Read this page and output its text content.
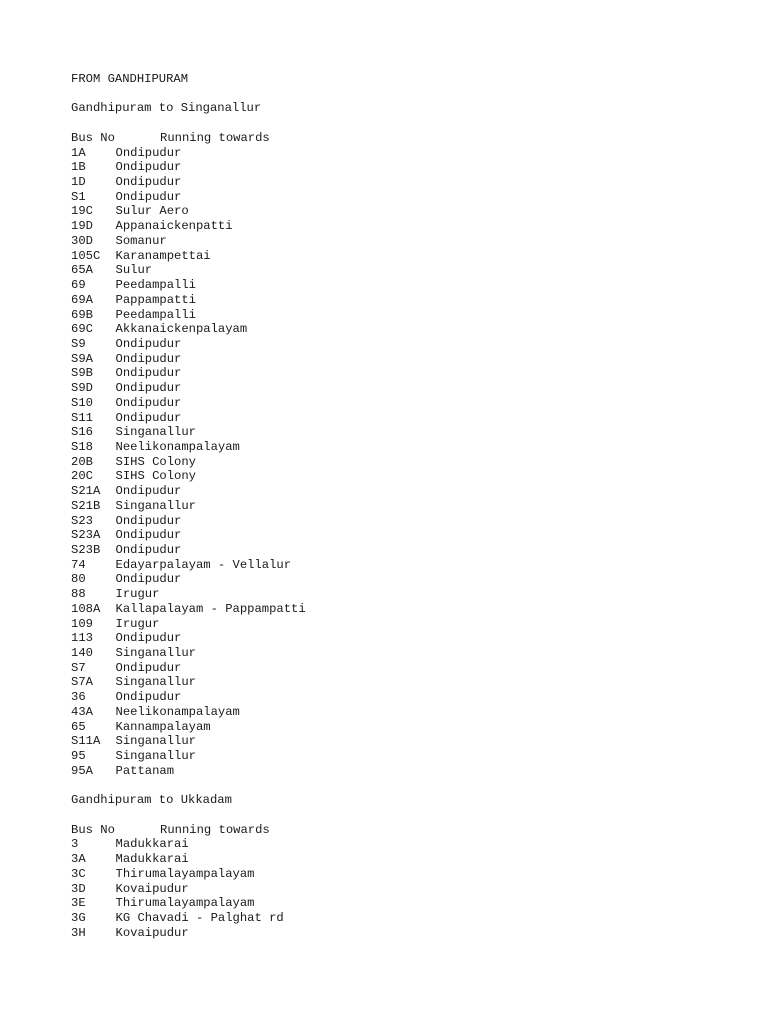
FROM GANDHIPURAM
Gandhipuram to Singanallur
Bus No	Running towards
1A	Ondipudur
1B	Ondipudur
1D	Ondipudur
S1	Ondipudur
19C	Sulur Aero
19D	Appanaickenpatti
30D	Somanur
105C	Karanampettai
65A	Sulur
69	Peedampalli
69A	Pappampatti
69B	Peedampalli
69C	Akkanaickenpalayam
S9	Ondipudur
S9A	Ondipudur
S9B	Ondipudur
S9D	Ondipudur
S10	Ondipudur
S11	Ondipudur
S16	Singanallur
S18	Neelikonampalayam
20B	SIHS Colony
20C	SIHS Colony
S21A	Ondipudur
S21B	Singanallur
S23	Ondipudur
S23A	Ondipudur
S23B	Ondipudur
74	Edayarpalayam - Vellalur
80	Ondipudur
88	Irugur
108A	Kallapalayam - Pappampatti
109	Irugur
113	Ondipudur
140	Singanallur
S7	Ondipudur
S7A	Singanallur
36	Ondipudur
43A	Neelikonampalayam
65	Kannampalayam
S11A	Singanallur
95	Singanallur
95A	Pattanam
Gandhipuram to Ukkadam
Bus No	Running towards
3	Madukkarai
3A	Madukkarai
3C	Thirumalayampalayam
3D	Kovaipudur
3E	Thirumalayampalayam
3G	KG Chavadi - Palghat rd
3H	Kovaipudur
